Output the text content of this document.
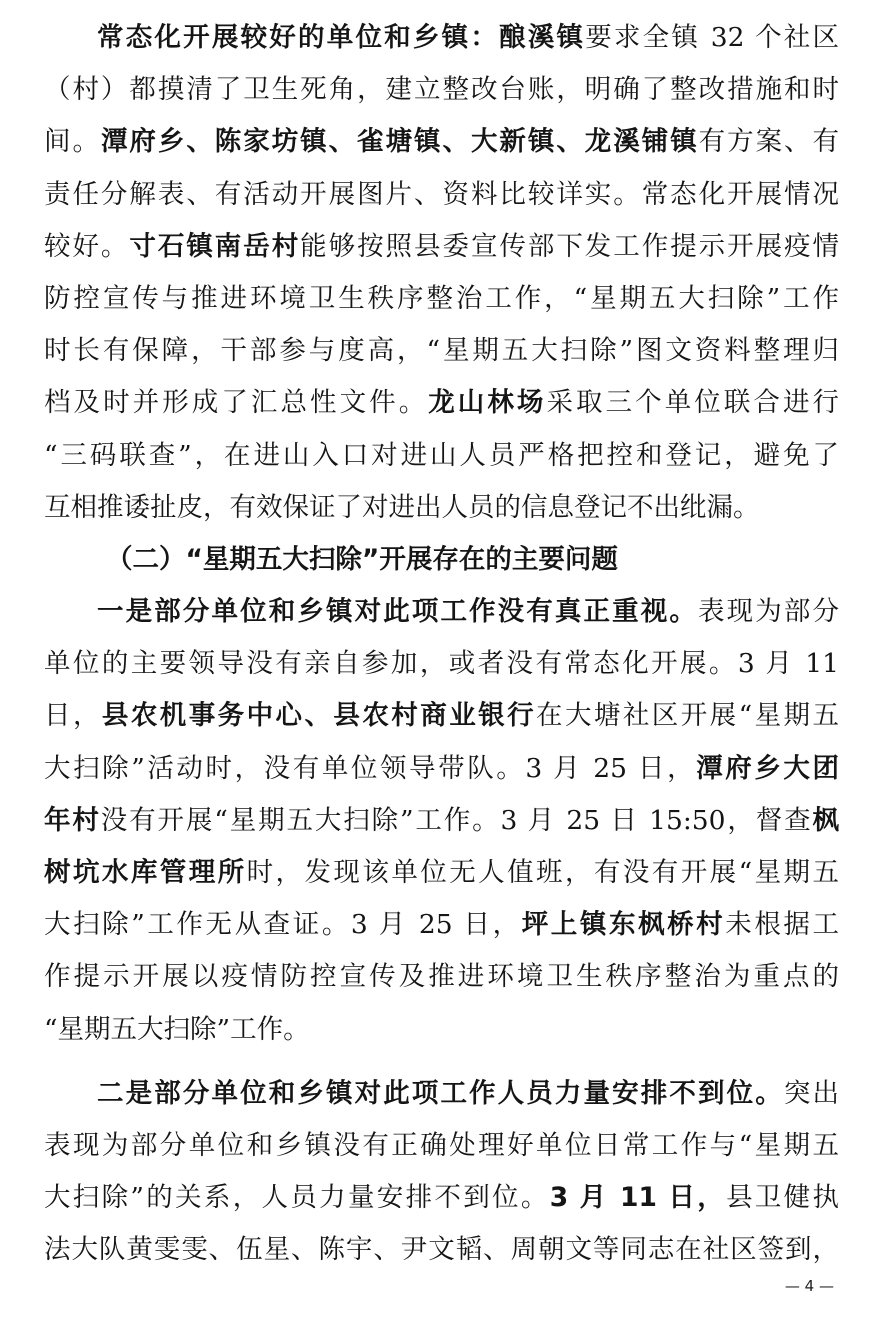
常态化开展较好的单位和乡镇：酿溪镇要求全镇 32 个社区
（村）都摸清了卫生死角，建立整改台账，明确了整改措施和时
间。潭府乡、陈家坊镇、雀塘镇、大新镇、龙溪铺镇有方案、有
责任分解表、有活动开展图片、资料比较详实。常态化开展情况
较好。寸石镇南岳村能够按照县委宣传部下发工作提示开展疫情
防控宣传与推进环境卫生秩序整治工作，“星期五大扫除”工作
时长有保障，干部参与度高，“星期五大扫除”图文资料整理归
档及时并形成了汇总性文件。龙山林场采取三个单位联合进行
“三码联查”，在进山入口对进山人员严格把控和登记，避免了
互相推诿扯皮，有效保证了对进出人员的信息登记不出纰漏。
（二）“星期五大扫除”开展存在的主要问题
一是部分单位和乡镇对此项工作没有真正重视。表现为部分
单位的主要领导没有亲自参加，或者没有常态化开展。3 月 11
日，县农机事务中心、县农村商业银行在大塘社区开展“星期五
大扫除”活动时，没有单位领导带队。3 月 25 日，潭府乡大团
年村没有开展“星期五大扫除”工作。3 月 25 日 15:50，督查枫
树坑水库管理所时，发现该单位无人值班，有没有开展“星期五
大扫除”工作无从查证。3 月 25 日，坪上镇东枫桥村未根据工
作提示开展以疫情防控宣传及推进环境卫生秩序整治为重点的
“星期五大扫除”工作。
二是部分单位和乡镇对此项工作人员力量安排不到位。突出
表现为部分单位和乡镇没有正确处理好单位日常工作与“星期五
大扫除”的关系，人员力量安排不到位。3 月 11 日，县卫健执
法大队黄雯雯、伍星、陈宇、尹文韬、周朝文等同志在社区签到，
— 4 —
